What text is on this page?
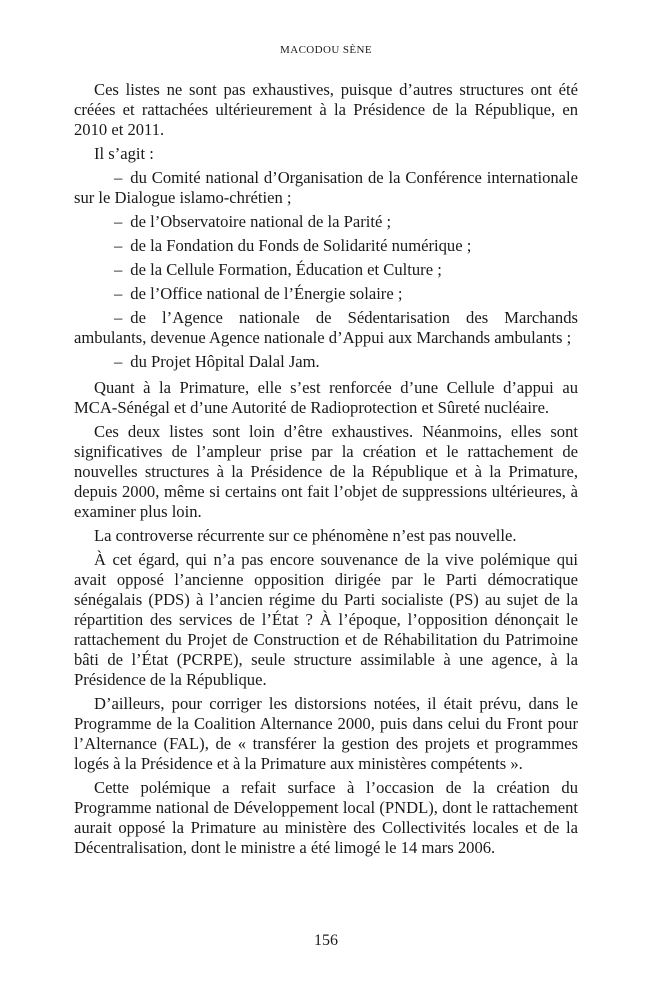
MACODOU SÈNE

Ces listes ne sont pas exhaustives, puisque d’autres structures ont été créées et rattachées ultérieurement à la Présidence de la République, en 2010 et 2011.

Il s’agit :

– du Comité national d’Organisation de la Conférence internationale sur le Dialogue islamo-chrétien ;
– de l’Observatoire national de la Parité ;
– de la Fondation du Fonds de Solidarité numérique ;
– de la Cellule Formation, Éducation et Culture ;
– de l’Office national de l’Énergie solaire ;
– de l’Agence nationale de Sédentarisation des Marchands ambulants, devenue Agence nationale d’Appui aux Marchands ambulants ;
– du Projet Hôpital Dalal Jam.

Quant à la Primature, elle s’est renforcée d’une Cellule d’appui au MCA-Sénégal et d’une Autorité de Radioprotection et Sûreté nucléaire.

Ces deux listes sont loin d’être exhaustives. Néanmoins, elles sont significatives de l’ampleur prise par la création et le rattachement de nouvelles structures à la Présidence de la République et à la Primature, depuis 2000, même si certains ont fait l’objet de suppressions ultérieures, à examiner plus loin.

La controverse récurrente sur ce phénomène n’est pas nouvelle.

À cet égard, qui n’a pas encore souvenance de la vive polémique qui avait opposé l’ancienne opposition dirigée par le Parti démocratique sénégalais (PDS) à l’ancien régime du Parti socialiste (PS) au sujet de la répartition des services de l’État ? À l’époque, l’opposition dénonçait le rattachement du Projet de Construction et de Réhabilitation du Patrimoine bâti de l’État (PCRPE), seule structure assimilable à une agence, à la Présidence de la République.

D’ailleurs, pour corriger les distorsions notées, il était prévu, dans le Programme de la Coalition Alternance 2000, puis dans celui du Front pour l’Alternance (FAL), de « transférer la gestion des projets et programmes logés à la Présidence et à la Primature aux ministères compétents ».

Cette polémique a refait surface à l’occasion de la création du Programme national de Développement local (PNDL), dont le rattachement aurait opposé la Primature au ministère des Collectivités locales et de la Décentralisation, dont le ministre a été limogé le 14 mars 2006.

156
